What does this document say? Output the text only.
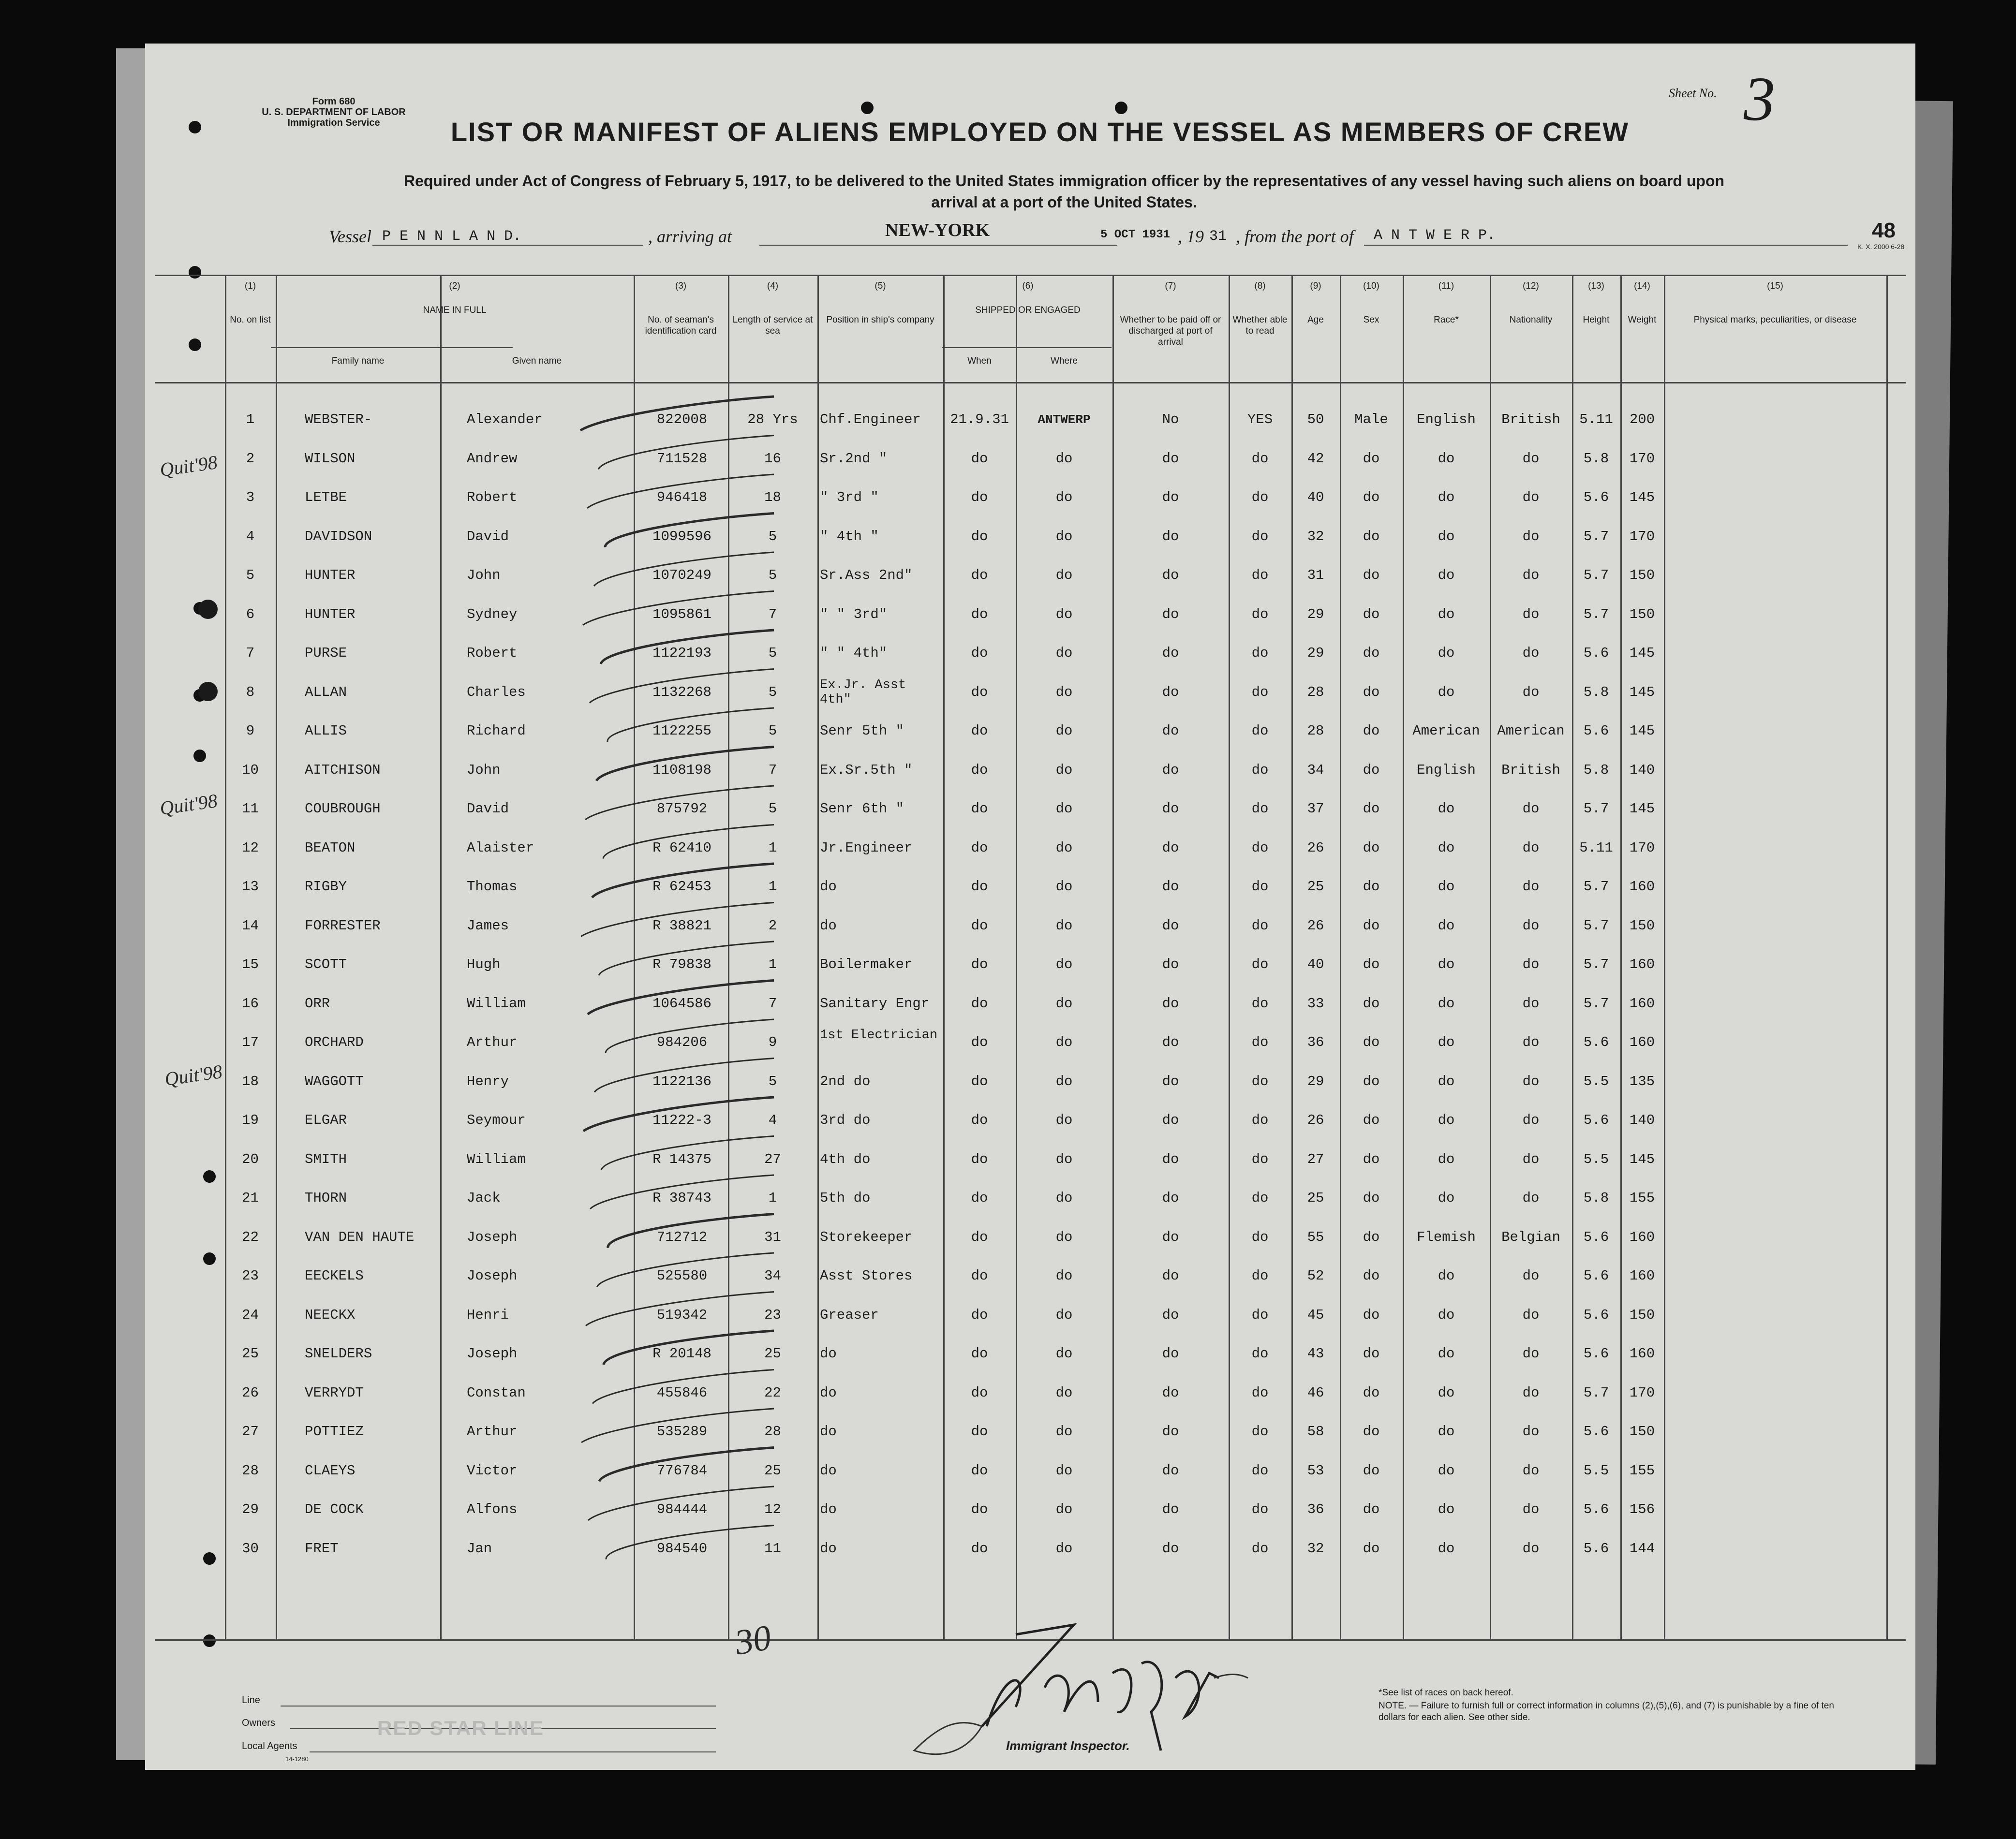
Form 680
U. S. DEPARTMENT OF LABOR
Immigration Service
Sheet No. 3
LIST OR MANIFEST OF ALIENS EMPLOYED ON THE VESSEL AS MEMBERS OF CREW
Required under Act of Congress of February 5, 1917, to be delivered to the United States immigration officer by the representatives of any vessel having such aliens on board upon
arrival at a port of the United States.
Vessel P E N N L A N D.	, arriving at	NEW-YORK	5 OCT 1931 , 19 31 , from the port of A N T W E R P.	48
K. X. 2000 6-28
(1)
No. on list
(2)
NAME IN FULL
Family name	Given name
(3)
No. of seaman's identification card
(4)
Length of service at sea
(5)
Position in ship's company
(6)
SHIPPED OR ENGAGED
When	Where
(7)
Whether to be paid off or discharged at port of arrival
(8)
Whether able to read
(9)
Age
(10)
Sex
(11)
Race*
(12)
Nationality
(13)
Height
(14)
Weight
(15)
Physical marks, peculiarities, or disease
1	WEBSTER-	Alexander	822008	28 Yrs	Chf.Engineer	21.9.31	ANTWERP	No	YES	50	Male	English	British	5.11	200
2	WILSON	Andrew	711528	16	Sr.2nd "	do	do	do	do	42	do	do	do	5.8	170
3	LETBE	Robert	946418	18	" 3rd "	do	do	do	do	40	do	do	do	5.6	145
4	DAVIDSON	David	1099596	5	" 4th "	do	do	do	do	32	do	do	do	5.7	170
5	HUNTER	John	1070249	5	Sr.Ass 2nd"	do	do	do	do	31	do	do	do	5.7	150
6	HUNTER	Sydney	1095861	7	" " 3rd"	do	do	do	do	29	do	do	do	5.7	150
7	PURSE	Robert	1122193	5	" " 4th"	do	do	do	do	29	do	do	do	5.6	145
8	ALLAN	Charles	1132268	5	Ex.Jr. Asst 4th"	do	do	do	do	28	do	do	do	5.8	145
9	ALLIS	Richard	1122255	5	Senr 5th "	do	do	do	do	28	do	American	American	5.6	145
10	AITCHISON	John	1108198	7	Ex.Sr.5th "	do	do	do	do	34	do	English	British	5.8	140
11	COUBROUGH	David	875792	5	Senr 6th "	do	do	do	do	37	do	do	do	5.7	145
12	BEATON	Alaister	R 62410	1	Jr.Engineer	do	do	do	do	26	do	do	do	5.11	170
13	RIGBY	Thomas	R 62453	1	do	do	do	do	do	25	do	do	do	5.7	160
14	FORRESTER	James	R 38821	2	do	do	do	do	do	26	do	do	do	5.7	150
15	SCOTT	Hugh	R 79838	1	Boilermaker	do	do	do	do	40	do	do	do	5.7	160
16	ORR	William	1064586	7	Sanitary Engr	do	do	do	do	33	do	do	do	5.7	160
17	ORCHARD	Arthur	984206	9	1st Electrician	do	do	do	do	36	do	do	do	5.6	160
18	WAGGOTT	Henry	1122136	5	2nd do	do	do	do	do	29	do	do	do	5.5	135
19	ELGAR	Seymour	11222-3	4	3rd do	do	do	do	do	26	do	do	do	5.6	140
20	SMITH	William	R 14375	27	4th do	do	do	do	do	27	do	do	do	5.5	145
21	THORN	Jack	R 38743	1	5th do	do	do	do	do	25	do	do	do	5.8	155
22	VAN DEN HAUTE	Joseph	712712	31	Storekeeper	do	do	do	do	55	do	Flemish	Belgian	5.6	160
23	EECKELS	Joseph	525580	34	Asst Stores	do	do	do	do	52	do	do	do	5.6	160
24	NEECKX	Henri	519342	23	Greaser	do	do	do	do	45	do	do	do	5.6	150
25	SNELDERS	Joseph	R 20148	25	do	do	do	do	do	43	do	do	do	5.6	160
26	VERRYDT	Constan	455846	22	do	do	do	do	do	46	do	do	do	5.7	170
27	POTTIEZ	Arthur	535289	28	do	do	do	do	do	58	do	do	do	5.6	150
28	CLAEYS	Victor	776784	25	do	do	do	do	do	53	do	do	do	5.5	155
29	DE COCK	Alfons	984444	12	do	do	do	do	do	36	do	do	do	5.6	156
30	FRET	Jan	984540	11	do	do	do	do	do	32	do	do	do	5.6	144
Quit'98
Quit'98
Quit'98
30
Line
Owners
Local Agents
14-1280
RED STAR LINE
Immigrant Inspector.
*See list of races on back hereof.
NOTE. — Failure to furnish full or correct information in columns (2),(5),(6), and (7) is punishable by a fine of ten dollars for each alien. See other side.
